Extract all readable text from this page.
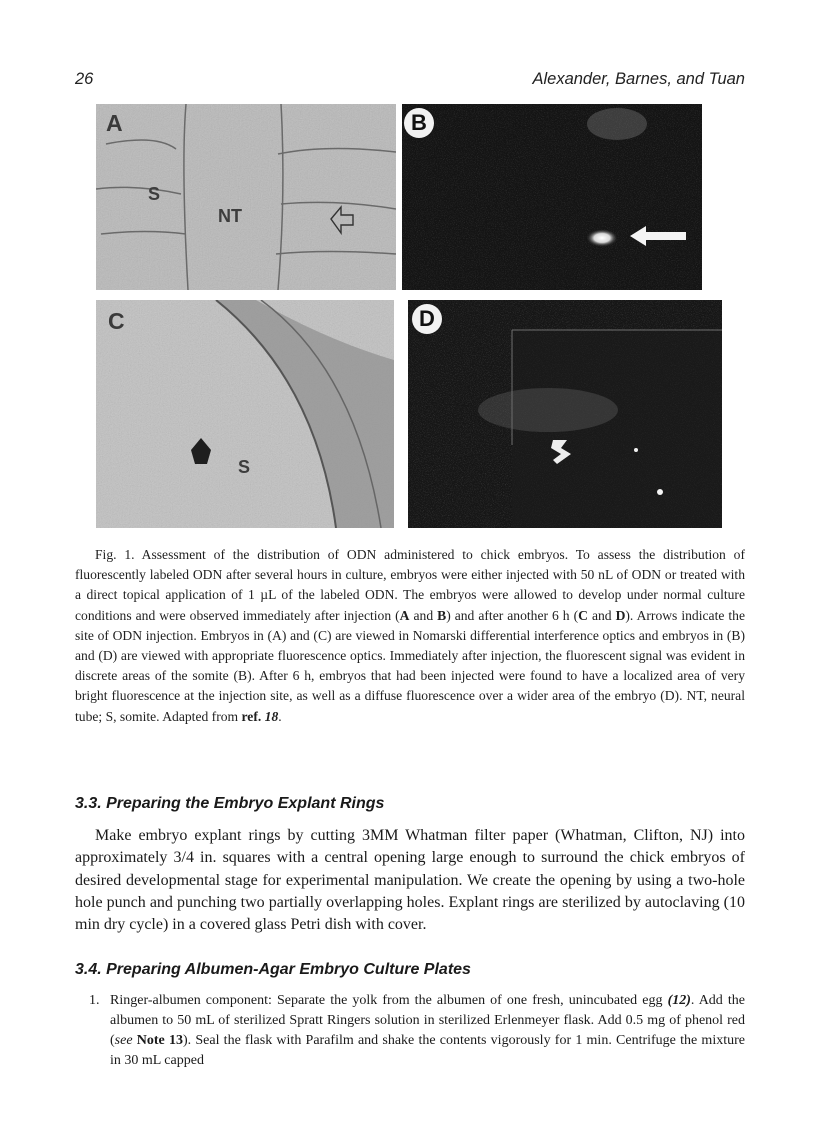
26	Alexander, Barnes, and Tuan
A
S
NT
B
C
S
D

Fig. 1. Assessment of the distribution of ODN administered to chick embryos. To assess the distribution of fluorescently labeled ODN after several hours in culture, embryos were either injected with 50 nL of ODN or treated with a direct topical application of 1 µL of the labeled ODN. The embryos were allowed to develop under normal culture conditions and were observed immediately after injection (A and B) and after another 6 h (C and D). Arrows indicate the site of ODN injection. Embryos in (A) and (C) are viewed in Nomarski differential interference optics and embryos in (B) and (D) are viewed with appropriate fluorescence optics. Immediately after injection, the fluorescent signal was evident in discrete areas of the somite (B). After 6 h, embryos that had been injected were found to have a localized area of very bright fluorescence at the injection site, as well as a diffuse fluorescence over a wider area of the embryo (D). NT, neural tube; S, somite. Adapted from ref. 18.

3.3. Preparing the Embryo Explant Rings

Make embryo explant rings by cutting 3MM Whatman filter paper (Whatman, Clifton, NJ) into approximately 3/4 in. squares with a central opening large enough to surround the chick embryos of desired developmental stage for experimental manipulation. We create the opening by using a two-hole hole punch and punching two partially overlapping holes. Explant rings are sterilized by autoclaving (10 min dry cycle) in a covered glass Petri dish with cover.

3.4. Preparing Albumen-Agar Embryo Culture Plates
1. Ringer-albumen component: Separate the yolk from the albumen of one fresh, unincubated egg (12). Add the albumen to 50 mL of sterilized Spratt Ringers solution in sterilized Erlenmeyer flask. Add 0.5 mg of phenol red (see Note 13). Seal the flask with Parafilm and shake the contents vigorously for 1 min. Centrifuge the mixture in 30 mL capped
